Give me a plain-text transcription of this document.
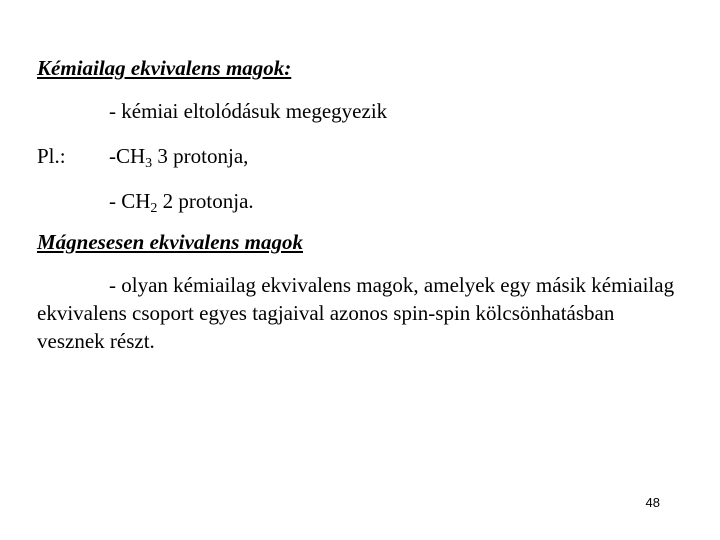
Kémiailag ekvivalens magok:
- kémiai eltolódásuk megegyezik
Pl.: $-CH_3$ 3 protonja,
- $CH_2$ 2 protonja.
Mágnesesen ekvivalens magok
- olyan kémiailag ekvivalens magok, amelyek egy másik kémiailag ekvivalens csoport egyes tagjaival azonos spin-spin kölcsönhatásban vesznek részt.
48
